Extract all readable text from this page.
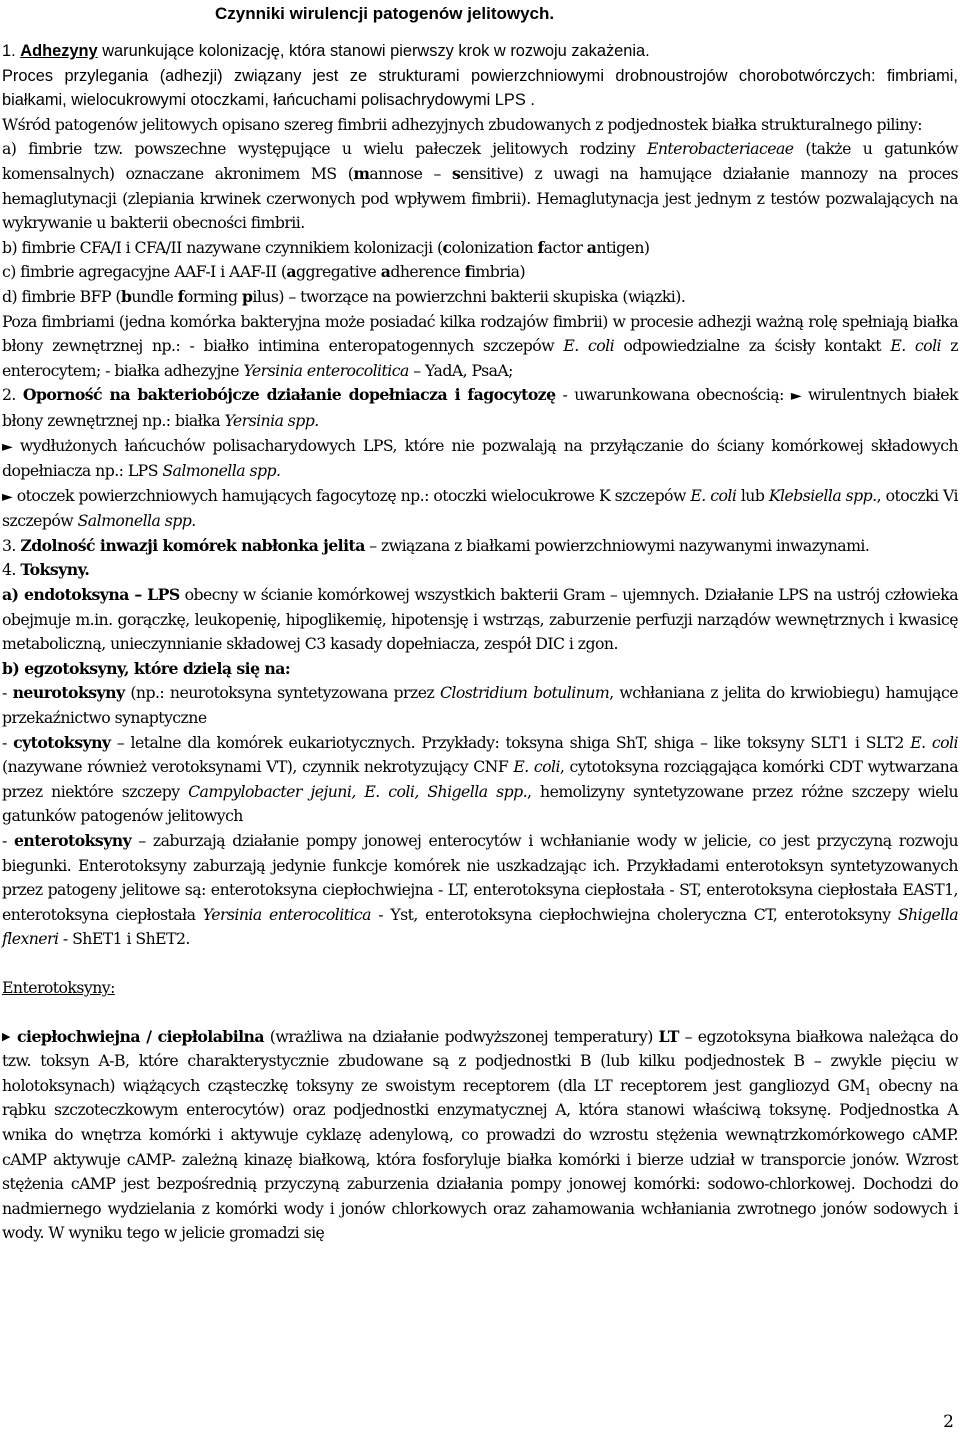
Czynniki wirulencji patogenów jelitowych.

1. Adhezyny warunkujące kolonizację, która stanowi pierwszy krok w rozwoju zakażenia.
Proces przylegania (adhezji) związany jest ze strukturami powierzchniowymi drobnoustrojów chorobotwórczych: fimbriami, białkami, wielocukrowymi otoczkami, łańcuchami polisachrydowymi LPS .

Wśród patogenów jelitowych opisano szereg fimbrii adhezyjnych zbudowanych z podjednostek białka strukturalnego piliny:

a) fimbrie tzw. powszechne występujące u wielu pałeczek jelitowych rodziny Enterobacteriaceae (także u gatunków komensalnych) oznaczane akronimem MS (mannose – sensitive) z uwagi na hamujące działanie mannozy na proces hemaglutynacji (zlepiania krwinek czerwonych pod wpływem fimbrii). Hemaglutynacja jest jednym z testów pozwalających na wykrywanie u bakterii obecności fimbrii.

b) fimbrie CFA/I i CFA/II nazywane czynnikiem kolonizacji (colonization factor antigen)

c) fimbrie agregacyjne AAF-I i AAF-II (aggregative adherence fimbria)

d) fimbrie BFP (bundle forming pilus) – tworzące na powierzchni bakterii skupiska (wiązki).

Poza fimbriami (jedna komórka bakteryjna może posiadać kilka rodzajów fimbrii) w procesie adhezji ważną rolę spełniają białka błony zewnętrznej np.: - białko intimina enteropatogennych szczepów E. coli odpowiedzialne za ścisły kontakt E. coli z enterocytem; - białka adhezyjne Yersinia enterocolitica – YadA, PsaA;

2. Oporność na bakteriobójcze działanie dopełniacza i fagocytozę - uwarunkowana obecnością: ► wirulentnych białek błony zewnętrznej np.: białka Yersinia spp.

► wydłużonych łańcuchów polisacharydowych LPS, które nie pozwalają na przyłączanie do ściany komórkowej składowych dopełniacza np.: LPS Salmonella spp.

► otoczek powierzchniowych hamujących fagocytozę np.: otoczki wielocukrowe K szczepów E. coli lub Klebsiella spp., otoczki Vi szczepów Salmonella spp.

3. Zdolność inwazji komórek nabłonka jelita – związana z białkami powierzchniowymi nazywanymi inwazynami.

4. Toksyny.

a) endotoksyna – LPS obecny w ścianie komórkowej wszystkich bakterii Gram – ujemnych. Działanie LPS na ustrój człowieka obejmuje m.in. gorączkę, leukopenię, hipoglikemię, hipotensję i wstrząs, zaburzenie perfuzji narządów wewnętrznych i kwasicę metaboliczną, unieczynnianie składowej C3 kasady dopełniacza, zespół DIC i zgon.

b) egzotoksyny, które dzielą się na:

- neurotoksyny (np.: neurotoksyna syntetyzowana przez Clostridium botulinum, wchłaniana z jelita do krwiobiegu) hamujące przekaźnictwo synaptyczne

- cytotoksyny – letalne dla komórek eukariotycznych. Przykłady: toksyna shiga ShT, shiga – like toksyny SLT1 i SLT2 E. coli (nazywane również verotoksynami VT), czynnik nekrotyzujący CNF E. coli, cytotoksyna rozciągająca komórki CDT wytwarzana przez niektóre szczepy Campylobacter jejuni, E. coli, Shigella spp., hemolizyny syntetyzowane przez różne szczepy wielu gatunków patogenów jelitowych

- enterotoksyny – zaburzają działanie pompy jonowej enterocytów i wchłanianie wody w jelicie, co jest przyczyną rozwoju biegunki. Enterotoksyny zaburzają jedynie funkcje komórek nie uszkadzając ich. Przykładami enterotoksyn syntetyzowanych przez patogeny jelitowe są: enterotoksyna ciepłochwiejna - LT, enterotoksyna ciepłostała - ST, enterotoksyna ciepłostała EAST1, enterotoksyna ciepłostała Yersinia enterocolitica - Yst, enterotoksyna ciepłochwiejna choleryczna CT, enterotoksyny Shigella flexneri - ShET1 i ShET2.

Enterotoksyny:

▶ ciepłochwiejna / ciepłolabilna (wrażliwa na działanie podwyższonej temperatury) LT – egzotoksyna białkowa należąca do tzw. toksyn A-B, które charakterystycznie zbudowane są z podjednostki B (lub kilku podjednostek B – zwykle pięciu w holotoksynach) wiążących cząsteczkę toksyny ze swoistym receptorem (dla LT receptorem jest gangliozyd $GM_1$ obecny na rąbku szczoteczkowym enterocytów) oraz podjednostki enzymatycznej A, która stanowi właściwą toksynę. Podjednostka A wnika do wnętrza komórki i aktywuje cyklazę adenylową, co prowadzi do wzrostu stężenia wewnątrzkomórkowego cAMP. cAMP aktywuje cAMP- zależną kinazę białkową, która fosforyluje białka komórki i bierze udział w transporcie jonów. Wzrost stężenia cAMP jest bezpośrednią przyczyną zaburzenia działania pompy jonowej komórki: sodowo-chlorkowej. Dochodzi do nadmiernego wydzielania z komórki wody i jonów chlorkowych oraz zahamowania wchłaniania zwrotnego jonów sodowych i wody. W wyniku tego w jelicie gromadzi się

2
